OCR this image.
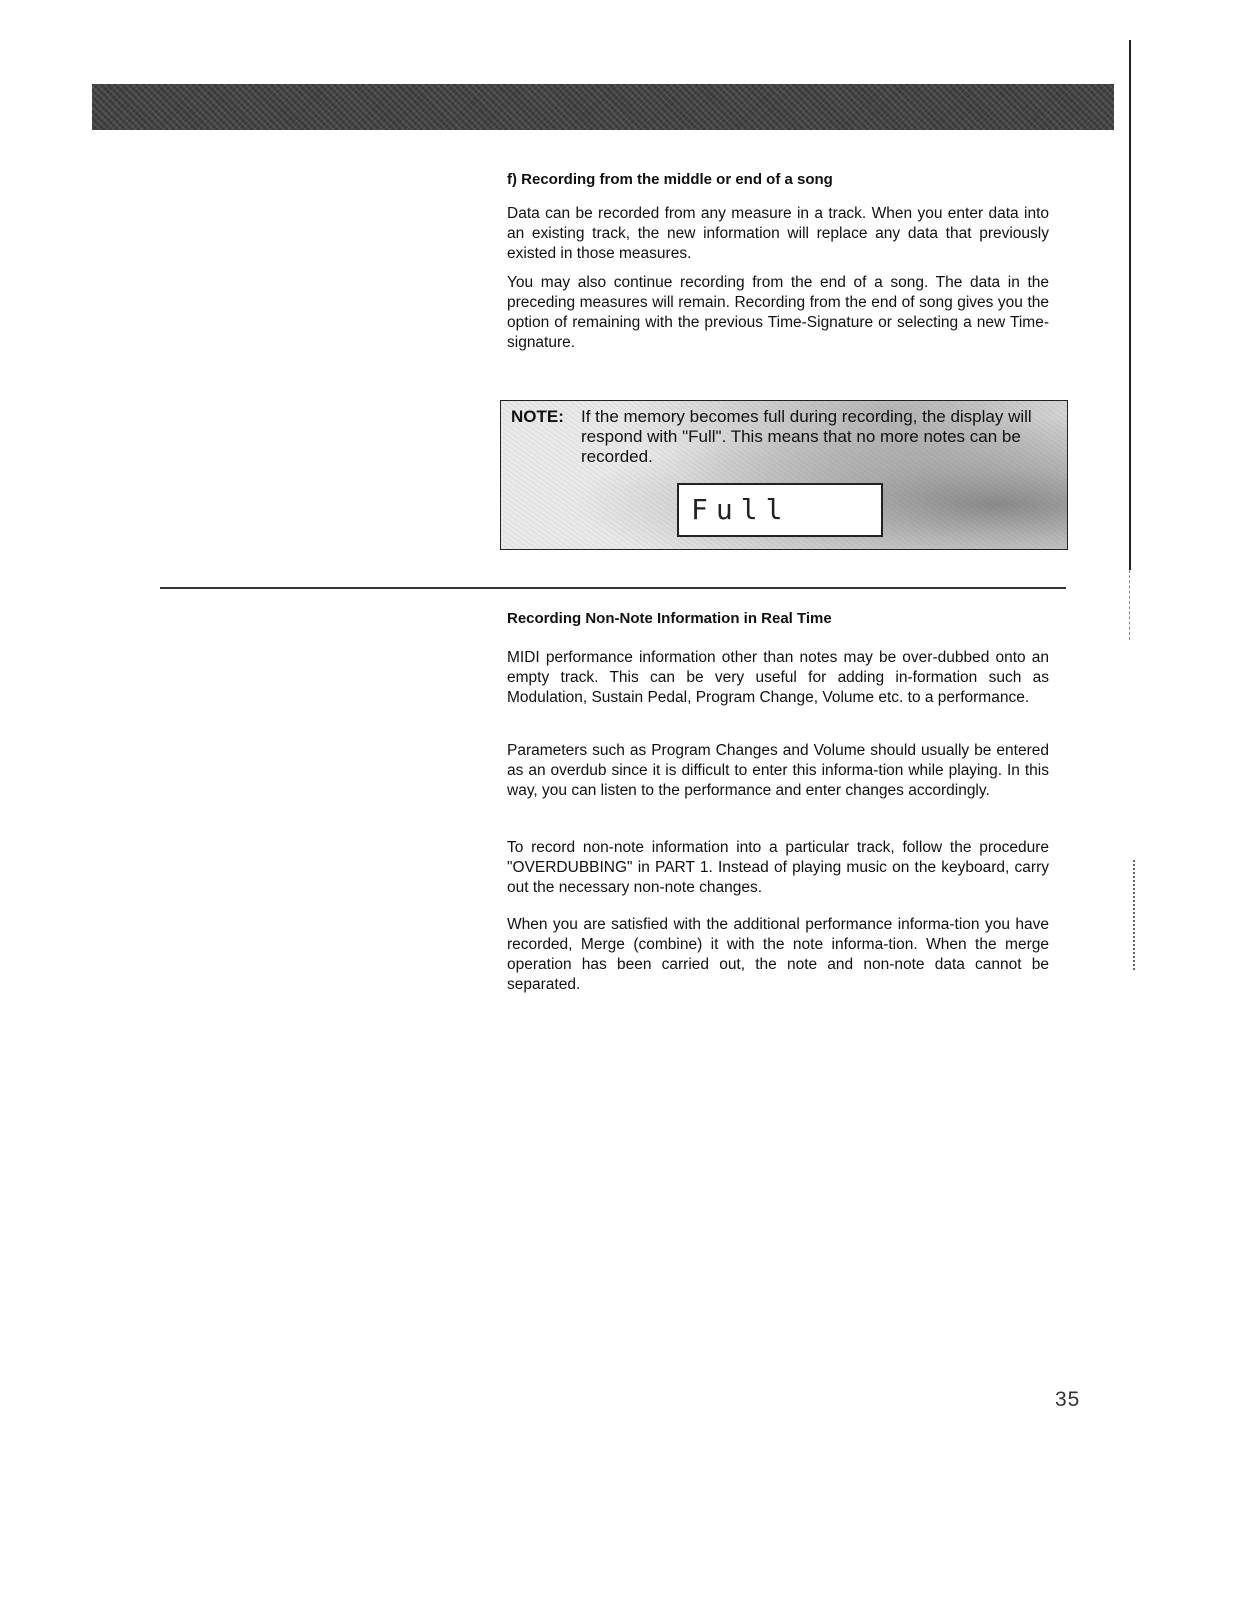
f) Recording from the middle or end of a song

Data can be recorded from any measure in a track. When you enter data into an existing track, the new information will replace any data that previously existed in those measures.

You may also continue recording from the end of a song. The data in the preceding measures will remain. Recording from the end of song gives you the option of remaining with the previous Time-Signature or selecting a new Time-signature.

NOTE: If the memory becomes full during recording, the display will respond with "Full". This means that no more notes can be recorded.
Full

Recording Non-Note Information in Real Time

MIDI performance information other than notes may be over-dubbed onto an empty track. This can be very useful for adding in-formation such as Modulation, Sustain Pedal, Program Change, Volume etc. to a performance.

Parameters such as Program Changes and Volume should usually be entered as an overdub since it is difficult to enter this informa-tion while playing. In this way, you can listen to the performance and enter changes accordingly.

To record non-note information into a particular track, follow the procedure "OVERDUBBING" in PART 1. Instead of playing music on the keyboard, carry out the necessary non-note changes.

When you are satisfied with the additional performance informa-tion you have recorded, Merge (combine) it with the note informa-tion. When the merge operation has been carried out, the note and non-note data cannot be separated.

35
